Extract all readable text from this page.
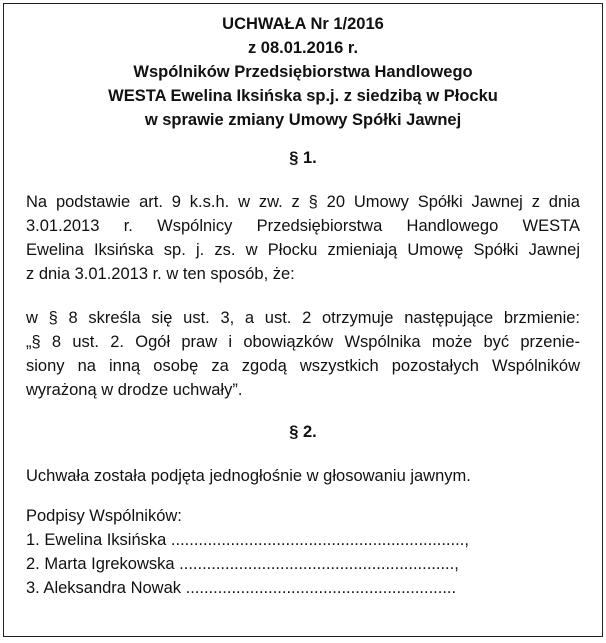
UCHWAŁA Nr 1/2016
z 08.01.2016 r.
Wspólników Przedsiębiorstwa Handlowego
WESTA Ewelina Iksińska sp.j. z siedzibą w Płocku
w sprawie zmiany Umowy Spółki Jawnej
§ 1.
Na podstawie art. 9 k.s.h. w zw. z § 20 Umowy Spółki Jawnej z dnia
3.01.2013 r. Wspólnicy Przedsiębiorstwa Handlowego WESTA
Ewelina Iksińska sp. j. zs. w Płocku zmieniają Umowę Spółki Jawnej
z dnia 3.01.2013 r. w ten sposób, że:
w § 8 skreśla się ust. 3, a ust. 2 otrzymuje następujące brzmienie:
„§ 8 ust. 2. Ogół praw i obowiązków Wspólnika może być przenie-
siony na inną osobę za zgodą wszystkich pozostałych Wspólników
wyrażoną w drodze uchwały”.
§ 2.
Uchwała została podjęta jednogłośnie w głosowaniu jawnym.
Podpisy Wspólników:
1. Ewelina Iksińska ................................................................,
2. Marta Igrekowska ............................................................,
3. Aleksandra Nowak ...........................................................
